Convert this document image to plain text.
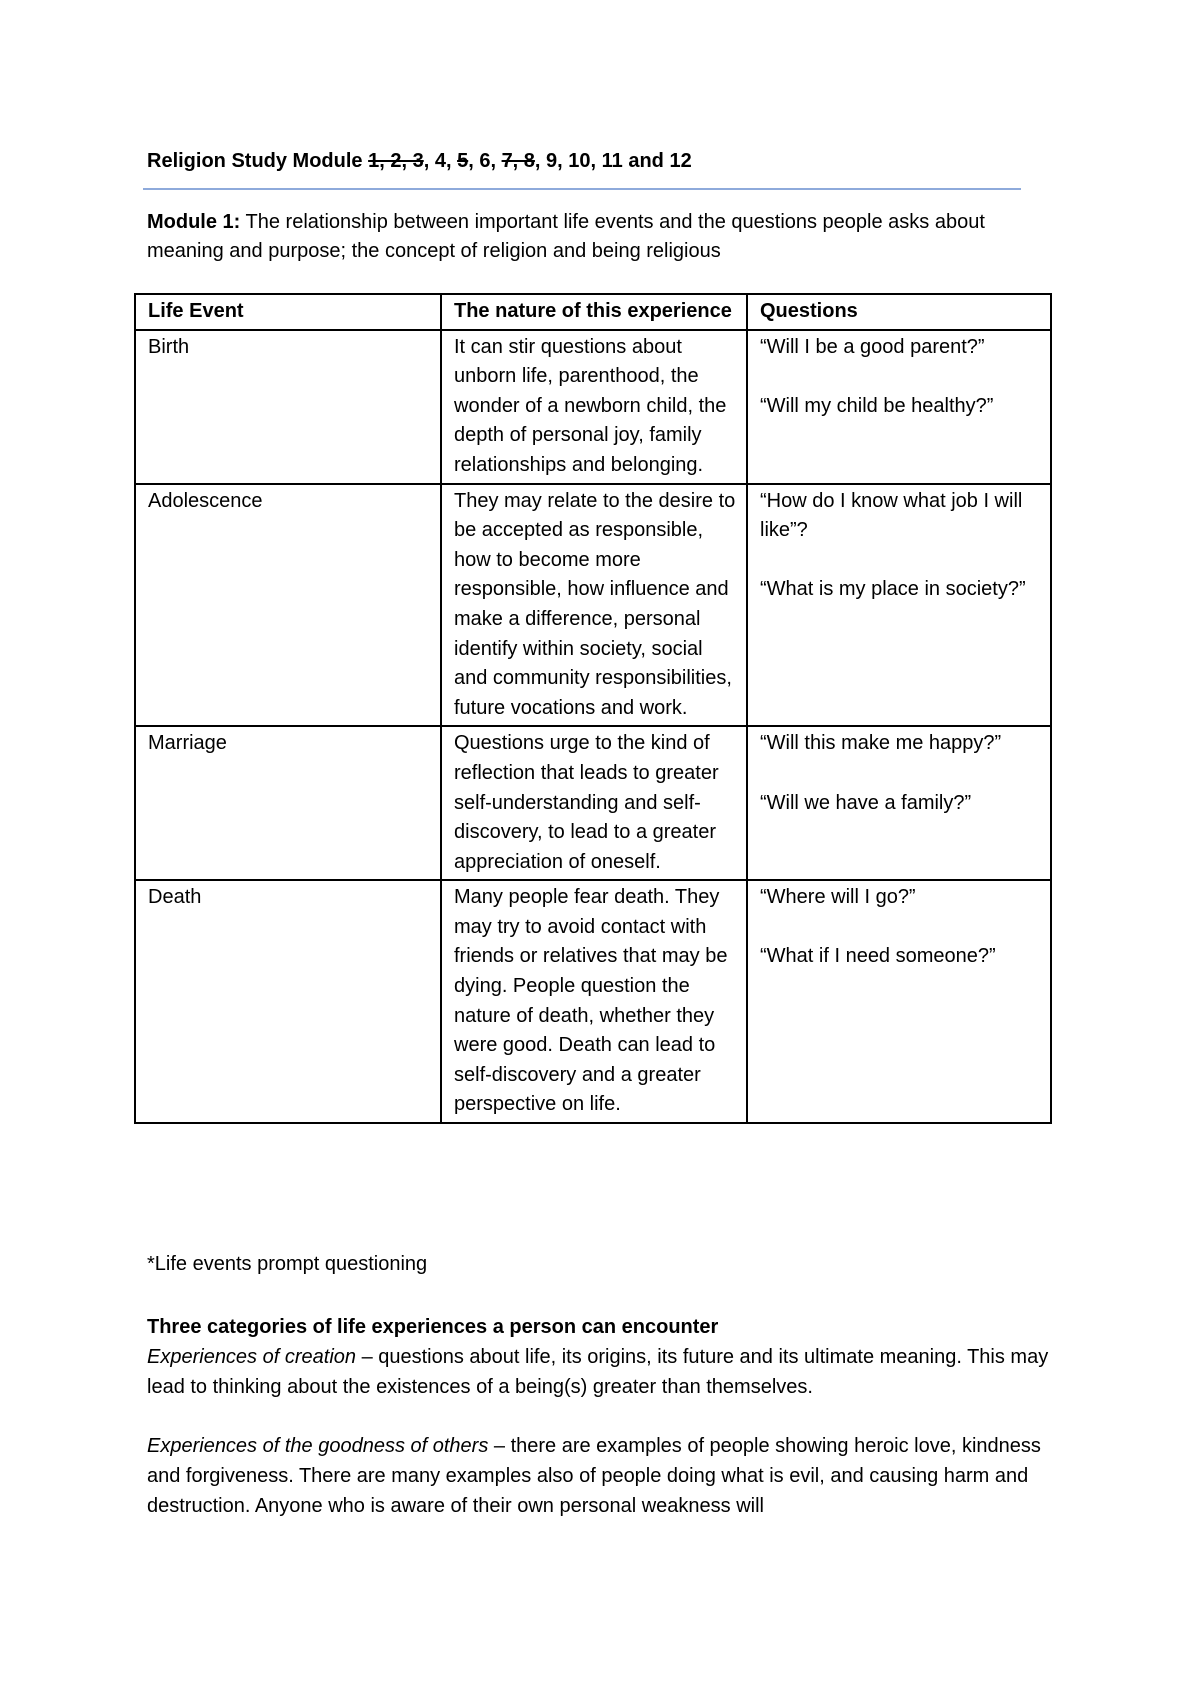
Religion Study Module 1, 2, 3, 4, 5, 6, 7, 8, 9, 10, 11 and 12
Module 1: The relationship between important life events and the questions people asks about meaning and purpose; the concept of religion and being religious
Life Event	The nature of this experience	Questions
Birth	It can stir questions about unborn life, parenthood, the wonder of a newborn child, the depth of personal joy, family relationships and belonging.	“Will I be a good parent?”
“Will my child be healthy?”

Adolescence	They may relate to the desire to be accepted as responsible, how to become more responsible, how influence and make a difference, personal identify within society, social and community responsibilities, future vocations and work.	“How do I know what job I will like”?
“What is my place in society?”

Marriage	Questions urge to the kind of reflection that leads to greater self-understanding and self-discovery, to lead to a greater appreciation of oneself.	“Will this make me happy?”
“Will we have a family?”

Death	Many people fear death. They may try to avoid contact with friends or relatives that may be dying. People question the nature of death, whether they were good. Death can lead to self-discovery and a greater perspective on life.	“Where will I go?”
“What if I need someone?”
*Life events prompt questioning
Three categories of life experiences a person can encounter

Experiences of creation – questions about life, its origins, its future and its ultimate meaning. This may lead to thinking about the existences of a being(s) greater than themselves.

Experiences of the goodness of others – there are examples of people showing heroic love, kindness and forgiveness. There are many examples also of people doing what is evil, and causing harm and destruction. Anyone who is aware of their own personal weakness will
